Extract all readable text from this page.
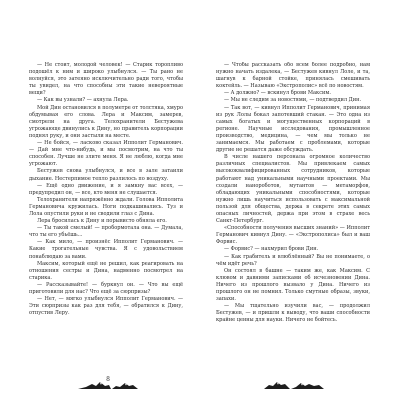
— Не стоит, молодой человек! — Старик торопливо подошёл к ним и широко улыбнулся. — Ты рано не волнуйся, это затеяно исключительно ради того, чтобы ты увидел, на что способны эти такие невероятные вещи?

— Как вы узнали? — ахнула Лера.

Мой Дин остановился в полуметре от толстяка, хмуро обдумывая его слова. Лера и Максим, замерев, смотрели на друга. Телохранители Бестужева угрожающе двинулись к Дину, но правитель корпорации поднял руку, и они застыли на месте.

— Не бойся, — ласково сказал Ипполит Германович. — Дай мне что-нибудь, и мы посмотрим, на что ты способен. Лучше не злите меня. Я не люблю, когда мне угрожают.

Бестужев снова улыбнулся, и все в зале затаили дыхание. Нестерпимое тепло разлилось по воздуху.

— Ещё одно движение, и я замкну вас всех, — предупредил он, — все, кто меня не слушается.

Телохранители напряжённо ждали. Голова Ипполита Германовича кружилась. Ноги подкашивались. Туз и Лола опустили руки и не сводили глаз с Дина.

Лера бросилась к Дину и порывисто обняла его.

— Ты такой смелый! — пробормотала она. — Думала, что ты его убьёшь...

— Как мило, — произнёс Ипполит Германович. — Какие трогательные чувства. Я с удовольствием понаблюдаю за вами.

Максим, который ещё не решил, как реагировать на отношения сестры и Дина, надменно посмотрел на старика.

— Рассказывайте! — буркнул он. — Что вы ещё приготовили для нас? Что ещё за сюрпризы?

— Нет, — мягко улыбнулся Ипполит Германович. — Эти сюрпризы как раз для тебя, — обратился к Дину, отпустив Леру.

— Чтобы рассказать обо всем более подробно, нам нужно начать издалека, — Бестужев кивнул Лоле, и та, шагнув к барной стойке, принялась смешивать коктейль. — Называю «Экстрополис» всё по новостям.

— А должно? — вскинул брови Максим.

— Мы не следим за новостями, — подтвердил Дин.

— Так вот, — кивнул Ипполит Германович, принимая из рук Лолы бокал запотевший стакан. — Это одна из самых богатых и могущественных корпораций в регионе. Научные исследования, промышленное производство, медицина, — чем мы только не занимаемся. Мы работаем с проблемами, которые другие не решатся даже обсуждать.

В числе нашего персонала огромное количество различных специалистов. Мы привлекаем самых высококвалифицированных сотрудников, которые работают над уникальными научными проектами. Мы создали нанороботов, мутантов — метаморфов, обладающих уникальными способностями, которые нужно лишь научиться использовать с максимальной пользой для общества, держа в секрете этих самых опасных личностей, держа при этом в страхе весь Санкт-Петербург.

«Способности получения высших знаний» — Ипполит Германович кивнул Дину. — «Экстрополиса» был и ваш Форвис.

— Форвис? — нахмурил брови Дин.

— Как грабитель и влюблённый? Вы не понимаете, о чём идёт речь?

Он состоял в башне — таким же, как Максим. С клювом и давними записками об исчезновении Дина. Ничего из прошлого вызвало у Дина. Ничего из прошлого он не помнил. Только смутные образы, звуки, запахи.

— Мы тщательно изучили вас, — продолжил Бестужев, — и пришли к выводу, что ваши способности крайне ценны для науки. Ничего не бойтесь.

8
